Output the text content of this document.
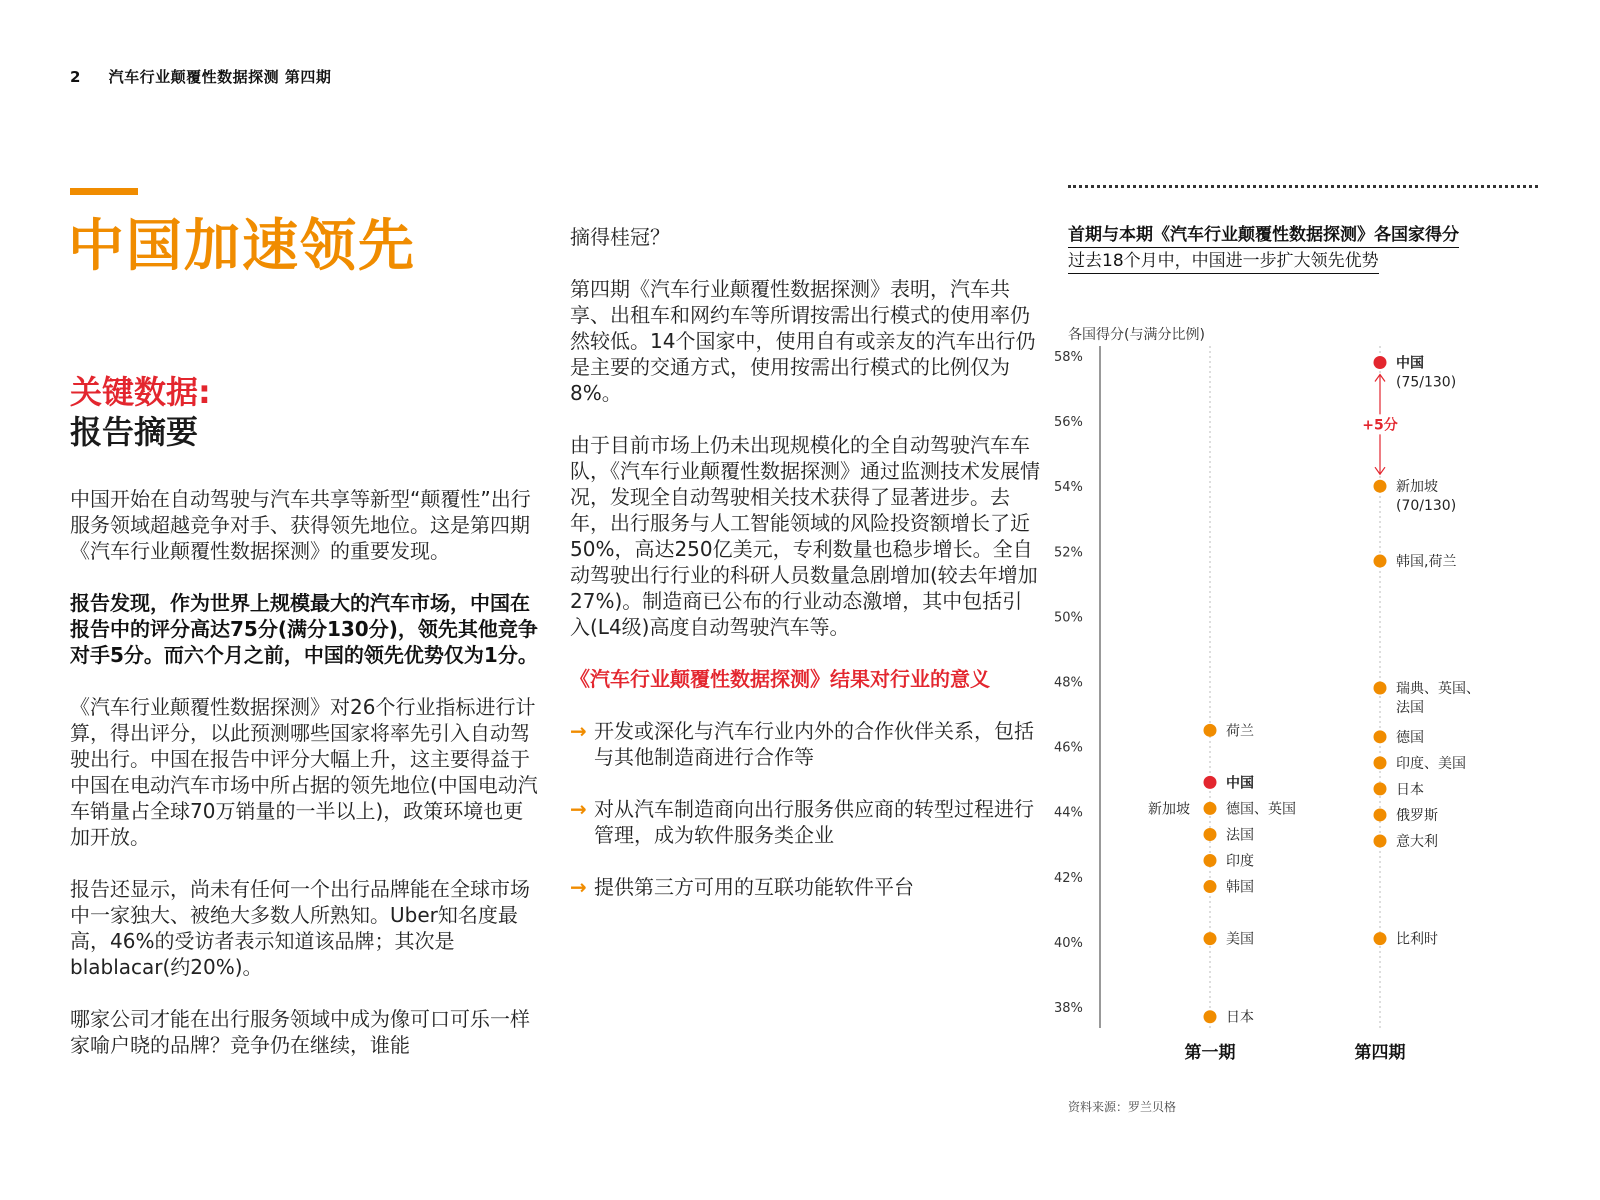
2 汽车行业颠覆性数据探测 第四期
中国加速领先
关键数据:
报告摘要

中国开始在自动驾驶与汽车共享等新型“颠覆性”出行服务领域超越竞争对手、获得领先地位。这是第四期《汽车行业颠覆性数据探测》的重要发现。

报告发现，作为世界上规模最大的汽车市场，中国在报告中的评分高达75分(满分130分)，领先其他竞争对手5分。而六个月之前，中国的领先优势仅为1分。

《汽车行业颠覆性数据探测》对26个行业指标进行计算，得出评分，以此预测哪些国家将率先引入自动驾驶出行。中国在报告中评分大幅上升，这主要得益于中国在电动汽车市场中所占据的领先地位(中国电动汽车销量占全球70万销量的一半以上)，政策环境也更加开放。

报告还显示，尚未有任何一个出行品牌能在全球市场中一家独大、被绝大多数人所熟知。Uber知名度最高，46%的受访者表示知道该品牌；其次是blablacar(约20%)。

哪家公司才能在出行服务领域中成为像可口可乐一样家喻户晓的品牌？竞争仍在继续，谁能

摘得桂冠？

第四期《汽车行业颠覆性数据探测》表明，汽车共享、出租车和网约车等所谓按需出行模式的使用率仍然较低。14个国家中，使用自有或亲友的汽车出行仍是主要的交通方式，使用按需出行模式的比例仅为8%。

由于目前市场上仍未出现规模化的全自动驾驶汽车车队，《汽车行业颠覆性数据探测》通过监测技术发展情况，发现全自动驾驶相关技术获得了显著进步。去年，出行服务与人工智能领域的风险投资额增长了近50%，高达250亿美元，专利数量也稳步增长。全自动驾驶出行行业的科研人员数量急剧增加(较去年增加27%)。制造商已公布的行业动态激增，其中包括引入(L4级)高度自动驾驶汽车等。

《汽车行业颠覆性数据探测》结果对行业的意义

→ 开发或深化与汽车行业内外的合作伙伴关系，包括与其他制造商进行合作等
→ 对从汽车制造商向出行服务供应商的转型过程进行管理，成为软件服务类企业
→ 提供第三方可用的互联功能软件平台
首期与本期《汽车行业颠覆性数据探测》各国家得分
过去18个月中，中国进一步扩大领先优势
各国得分(与满分比例)
58%
56%
54%
52%
50%
48%
46%
44%
42%
40%
38%
第一期	第四期
+5分
荷兰
中国
德国、英国
新加坡
法国
印度
韩国
美国
日本
中国
(75/130)
新加坡
(70/130)
韩国,荷兰
瑞典、英国、
法国
德国
印度、美国
日本
俄罗斯
意大利
比利时
资料来源：罗兰贝格
